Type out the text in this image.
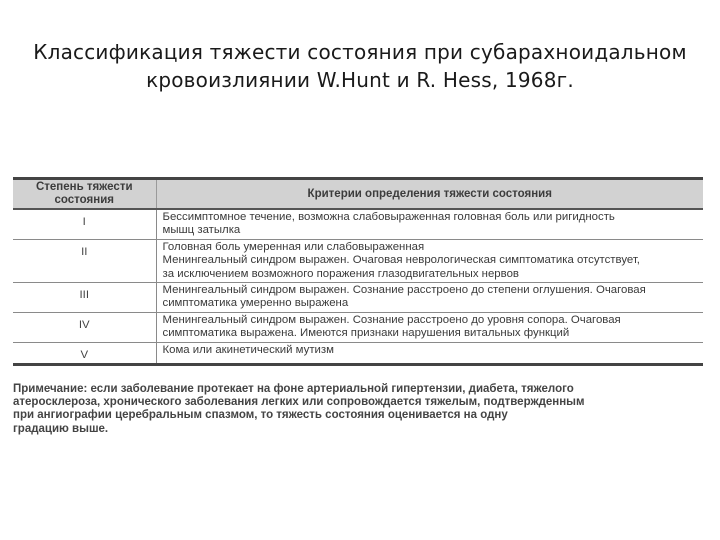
Классификация тяжести состояния при субарахноидальном
кровоизлиянии W.Hunt и R. Hess, 1968г.
Степень тяжести состояния	Критерии определения тяжести состояния
I	Бессимптомное течение, возможна слабовыраженная головная боль или ригидность
мышц затылка

II	Головная боль умеренная или слабовыраженная
Менингеальный синдром выражен. Очаговая неврологическая симптоматика отсутствует,
за исключением возможного поражения глазодвигательных нервов

III	Менингеальный синдром выражен. Сознание расстроено до степени оглушения. Очаговая
симптоматика умеренно выражена

IV	Менингеальный синдром выражен. Сознание расстроено до уровня сопора. Очаговая
симптоматика выражена. Имеются признаки нарушения витальных функций

V	Кома или акинетический мутизм
Примечание: если заболевание протекает на фоне артериальной гипертензии, диабета, тяжелого
атеросклероза, хронического заболевания легких или сопровождается тяжелым, подтвержденным
при ангиографии церебральным спазмом, то тяжесть состояния оценивается на одну
градацию выше.
